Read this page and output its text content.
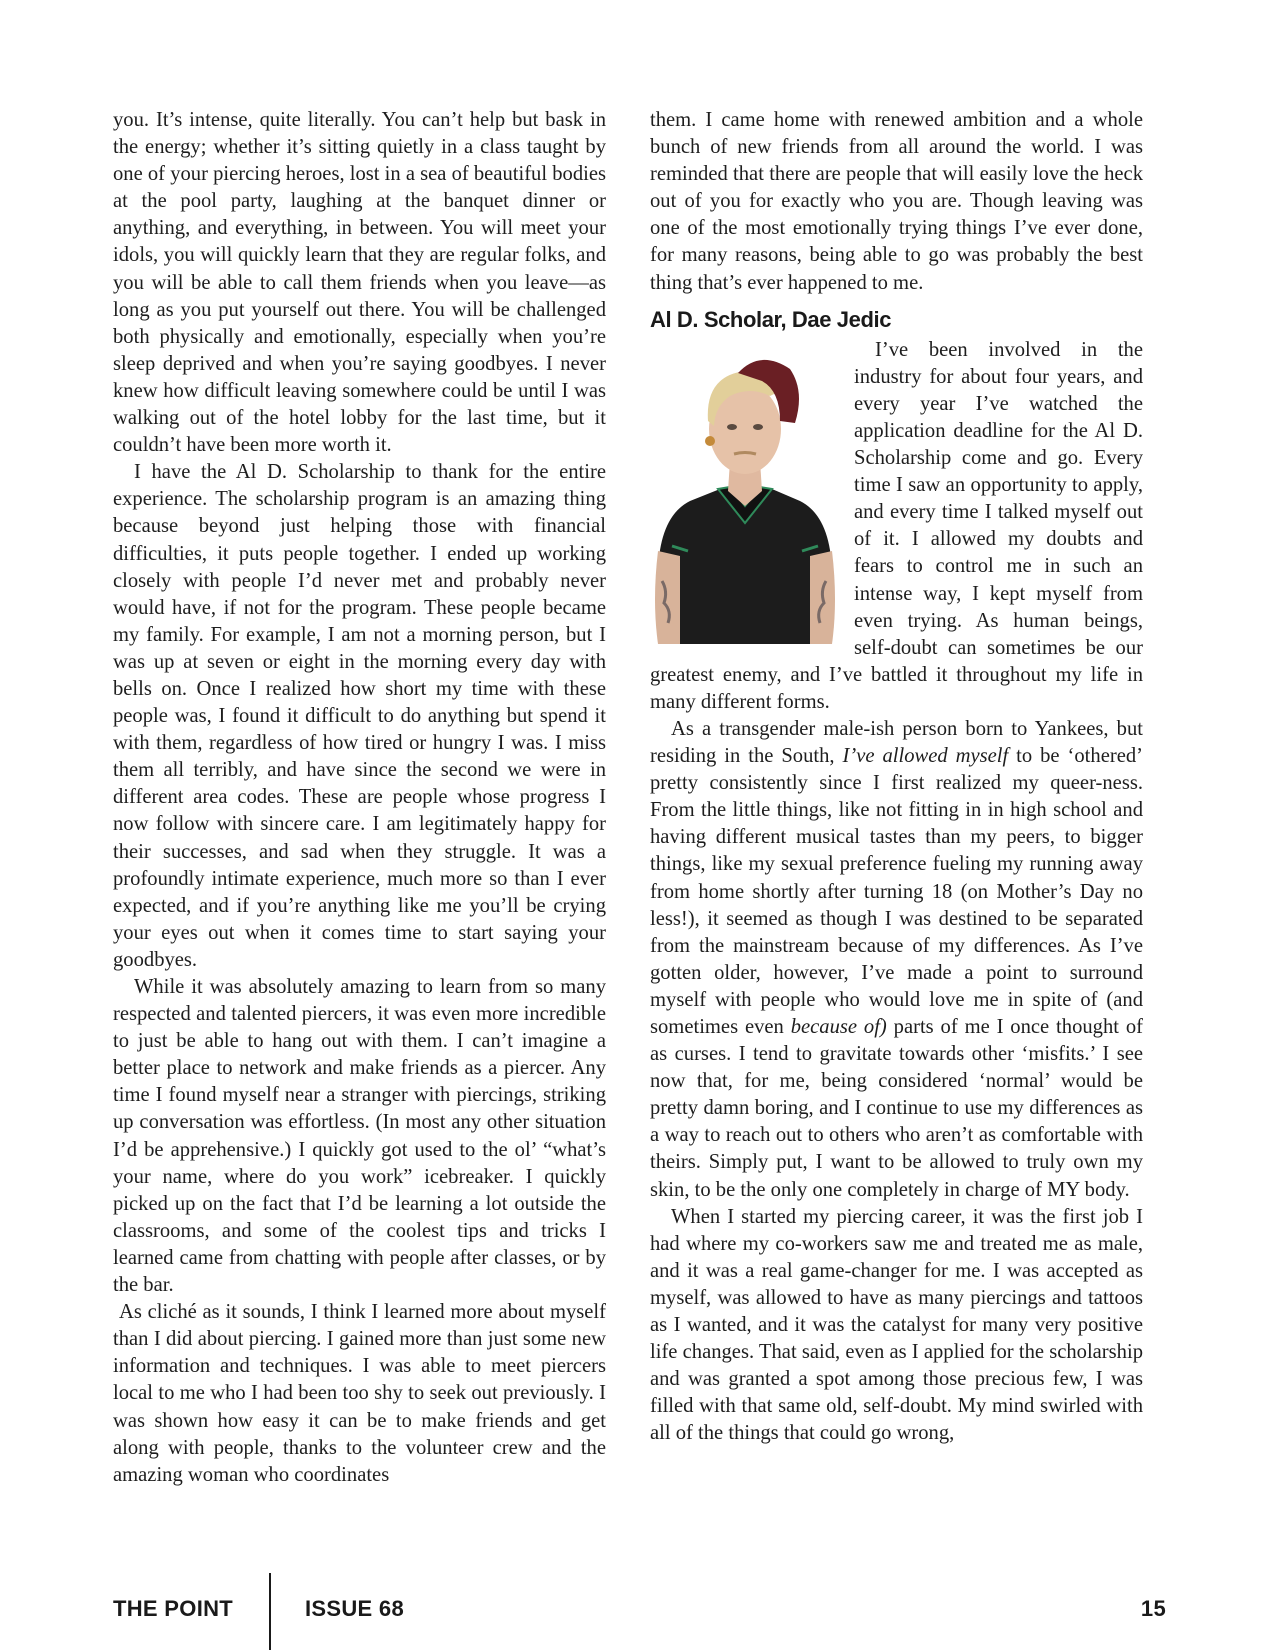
you. It’s intense, quite literally. You can’t help but bask in the energy; whether it’s sitting quietly in a class taught by one of your piercing heroes, lost in a sea of beautiful bodies at the pool party, laughing at the banquet dinner or anything, and everything, in between. You will meet your idols, you will quickly learn that they are regular folks, and you will be able to call them friends when you leave—as long as you put yourself out there. You will be challenged both physically and emotionally, especially when you’re sleep deprived and when you’re saying goodbyes. I never knew how difficult leaving somewhere could be until I was walking out of the hotel lobby for the last time, but it couldn’t have been more worth it.

I have the Al D. Scholarship to thank for the entire experience. The scholarship program is an amazing thing because beyond just helping those with financial difficulties, it puts people together. I ended up working closely with people I’d never met and probably never would have, if not for the program. These people became my family. For example, I am not a morning person, but I was up at seven or eight in the morning every day with bells on. Once I realized how short my time with these people was, I found it difficult to do anything but spend it with them, regardless of how tired or hungry I was. I miss them all terribly, and have since the second we were in different area codes. These are people whose progress I now follow with sincere care. I am legitimately happy for their successes, and sad when they struggle. It was a profoundly intimate experience, much more so than I ever expected, and if you’re anything like me you’ll be crying your eyes out when it comes time to start saying your goodbyes.

While it was absolutely amazing to learn from so many respected and talented piercers, it was even more incredible to just be able to hang out with them. I can’t imagine a better place to network and make friends as a piercer. Any time I found myself near a stranger with piercings, striking up conversation was effortless. (In most any other situation I’d be apprehensive.) I quickly got used to the ol’ “what’s your name, where do you work” icebreaker. I quickly picked up on the fact that I’d be learning a lot outside the classrooms, and some of the coolest tips and tricks I learned came from chatting with people after classes, or by the bar.

As cliché as it sounds, I think I learned more about myself than I did about piercing. I gained more than just some new information and techniques. I was able to meet piercers local to me who I had been too shy to seek out previously. I was shown how easy it can be to make friends and get along with people, thanks to the volunteer crew and the amazing woman who coordinates

them. I came home with renewed ambition and a whole bunch of new friends from all around the world. I was reminded that there are people that will easily love the heck out of you for exactly who you are. Though leaving was one of the most emotionally trying things I’ve ever done, for many reasons, being able to go was probably the best thing that’s ever happened to me.

Al D. Scholar, Dae Jedic

I’ve been involved in the industry for about four years, and every year I’ve watched the application deadline for the Al D. Scholarship come and go. Every time I saw an opportunity to apply, and every time I talked myself out of it. I allowed my doubts and fears to control me in such an intense way, I kept myself from even trying. As human beings, self-doubt can sometimes be our greatest enemy, and I’ve battled it throughout my life in many different forms.

As a transgender male-ish person born to Yankees, but residing in the South, I’ve allowed myself to be ‘othered’ pretty consistently since I first realized my queer-ness. From the little things, like not fitting in in high school and having different musical tastes than my peers, to bigger things, like my sexual preference fueling my running away from home shortly after turning 18 (on Mother’s Day no less!), it seemed as though I was destined to be separated from the mainstream because of my differences. As I’ve gotten older, however, I’ve made a point to surround myself with people who would love me in spite of (and sometimes even because of) parts of me I once thought of as curses. I tend to gravitate towards other ‘misfits.’ I see now that, for me, being considered ‘normal’ would be pretty damn boring, and I continue to use my differences as a way to reach out to others who aren’t as comfortable with theirs. Simply put, I want to be allowed to truly own my skin, to be the only one completely in charge of MY body.

When I started my piercing career, it was the first job I had where my co-workers saw me and treated me as male, and it was a real game-changer for me. I was accepted as myself, was allowed to have as many piercings and tattoos as I wanted, and it was the catalyst for many very positive life changes. That said, even as I applied for the scholarship and was granted a spot among those precious few, I was filled with that same old, self-doubt. My mind swirled with all of the things that could go wrong,

THE POINT	ISSUE 68	15
